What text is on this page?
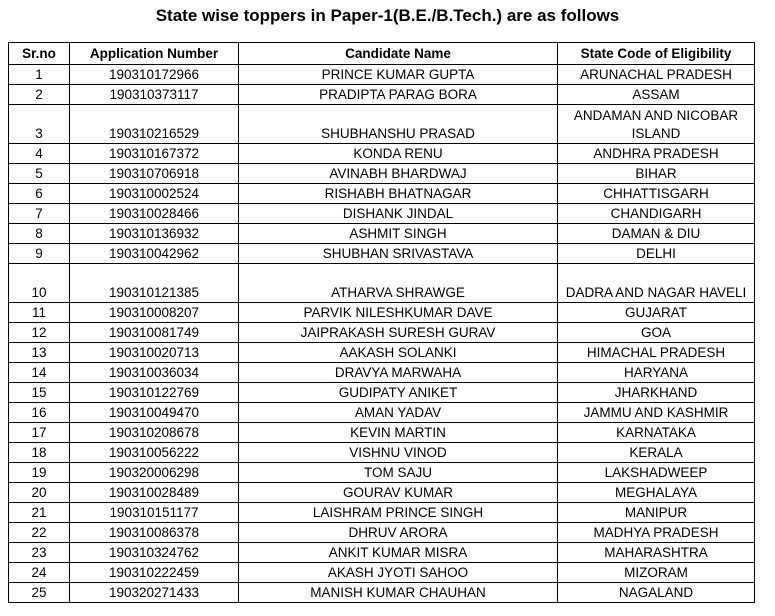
State wise toppers in Paper-1(B.E./B.Tech.) are as follows
Sr.no	Application Number	Candidate Name	State Code of Eligibility
1	190310172966	PRINCE KUMAR GUPTA	ARUNACHAL PRADESH
2	190310373117	PRADIPTA PARAG BORA	ASSAM
3	190310216529	SHUBHANSHU PRASAD	ANDAMAN AND NICOBAR ISLAND
4	190310167372	KONDA RENU	ANDHRA PRADESH
5	190310706918	AVINABH BHARDWAJ	BIHAR
6	190310002524	RISHABH BHATNAGAR	CHHATTISGARH
7	190310028466	DISHANK JINDAL	CHANDIGARH
8	190310136932	ASHMIT SINGH	DAMAN & DIU
9	190310042962	SHUBHAN SRIVASTAVA	DELHI
10	190310121385	ATHARVA SHRAWGE	DADRA AND NAGAR HAVELI
11	190310008207	PARVIK NILESHKUMAR DAVE	GUJARAT
12	190310081749	JAIPRAKASH SURESH GURAV	GOA
13	190310020713	AAKASH SOLANKI	HIMACHAL PRADESH
14	190310036034	DRAVYA MARWAHA	HARYANA
15	190310122769	GUDIPATY ANIKET	JHARKHAND
16	190310049470	AMAN YADAV	JAMMU AND KASHMIR
17	190310208678	KEVIN MARTIN	KARNATAKA
18	190310056222	VISHNU VINOD	KERALA
19	190320006298	TOM SAJU	LAKSHADWEEP
20	190310028489	GOURAV KUMAR	MEGHALAYA
21	190310151177	LAISHRAM PRINCE SINGH	MANIPUR
22	190310086378	DHRUV ARORA	MADHYA PRADESH
23	190310324762	ANKIT KUMAR MISRA	MAHARASHTRA
24	190310222459	AKASH JYOTI SAHOO	MIZORAM
25	190320271433	MANISH KUMAR CHAUHAN	NAGALAND
